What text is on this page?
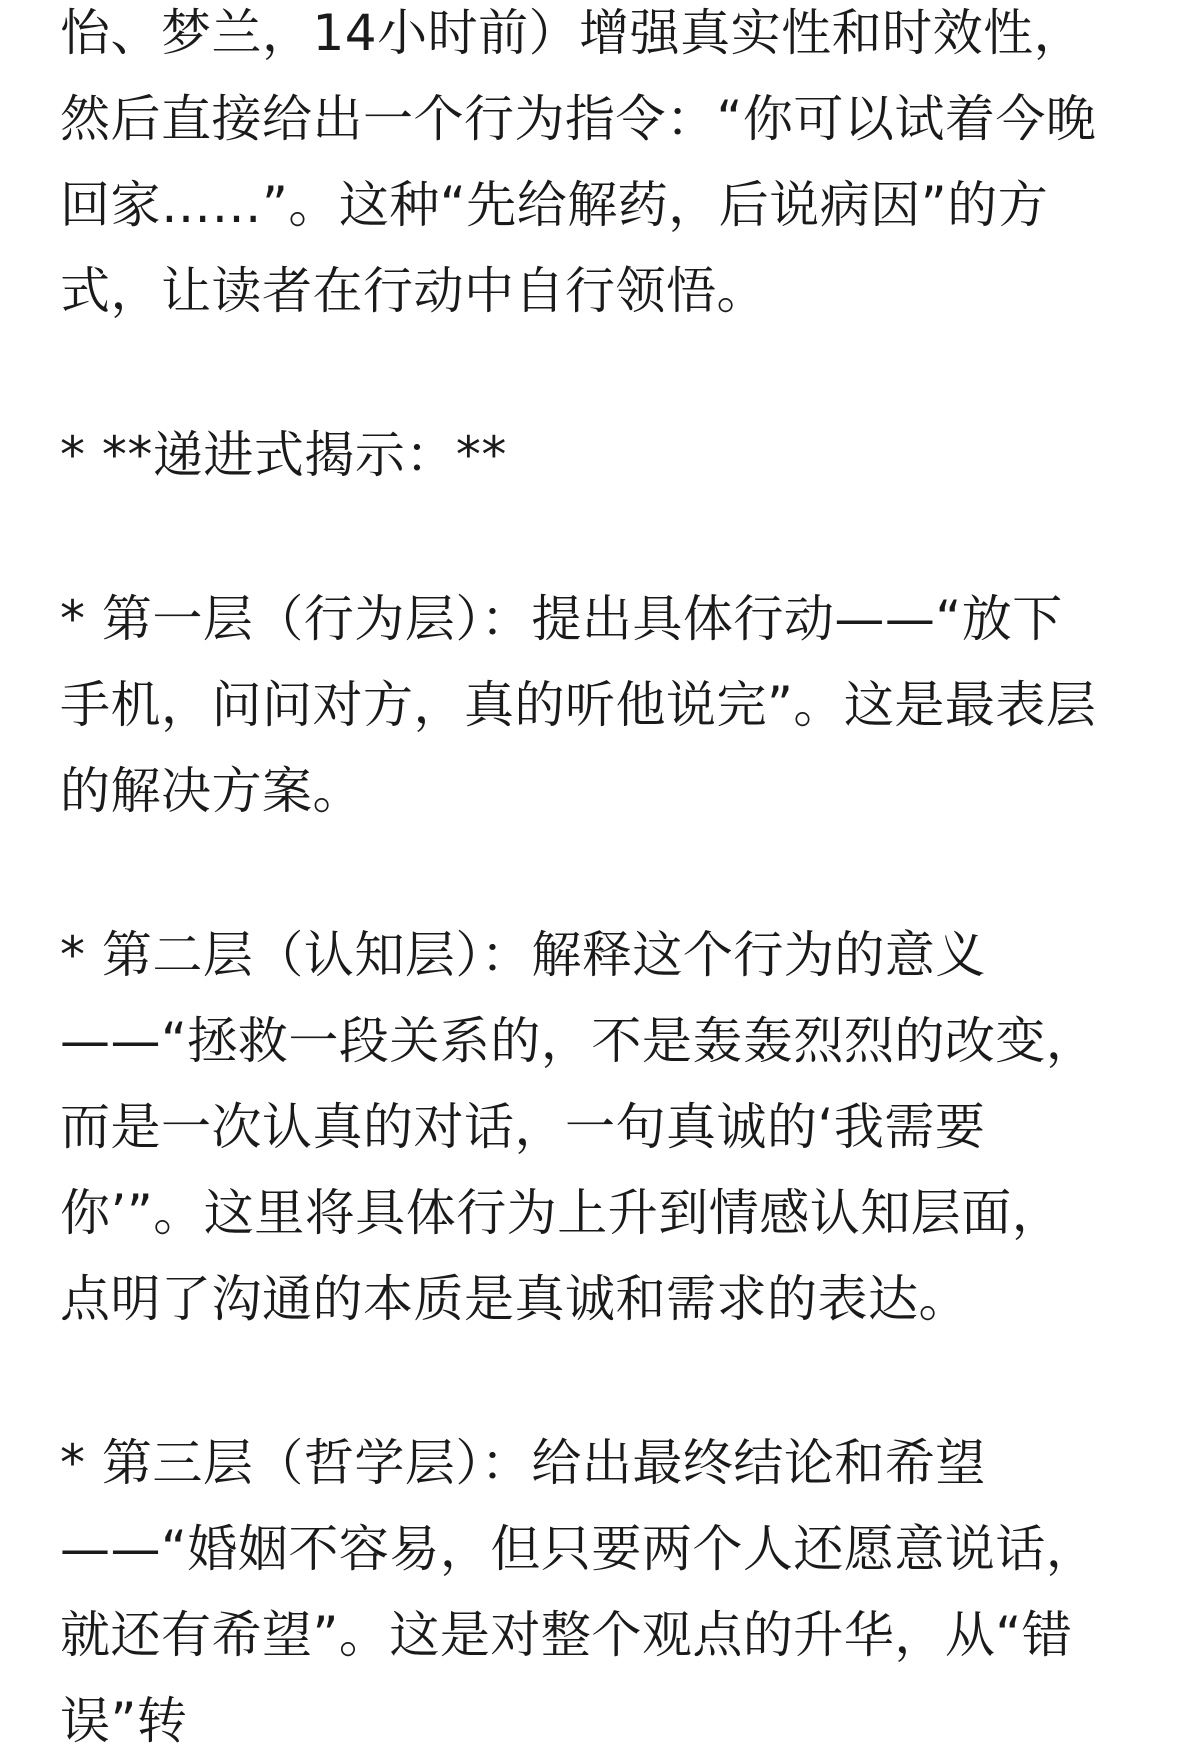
怡、梦兰，14小时前）增强真实性和时效性，然后直接给出一个行为指令：“你可以试着今晚回家……”。这种“先给解药，后说病因”的方式，让读者在行动中自行领悟。

* **递进式揭示：**

* 第一层（行为层）：提出具体行动——“放下手机，问问对方，真的听他说完”。这是最表层的解决方案。

* 第二层（认知层）：解释这个行为的意义——“拯救一段关系的，不是轰轰烈烈的改变，而是一次认真的对话，一句真诚的‘我需要你’”。这里将具体行为上升到情感认知层面，点明了沟通的本质是真诚和需求的表达。

* 第三层（哲学层）：给出最终结论和希望——“婚姻不容易，但只要两个人还愿意说话，就还有希望”。这是对整个观点的升华，从“错误”转
